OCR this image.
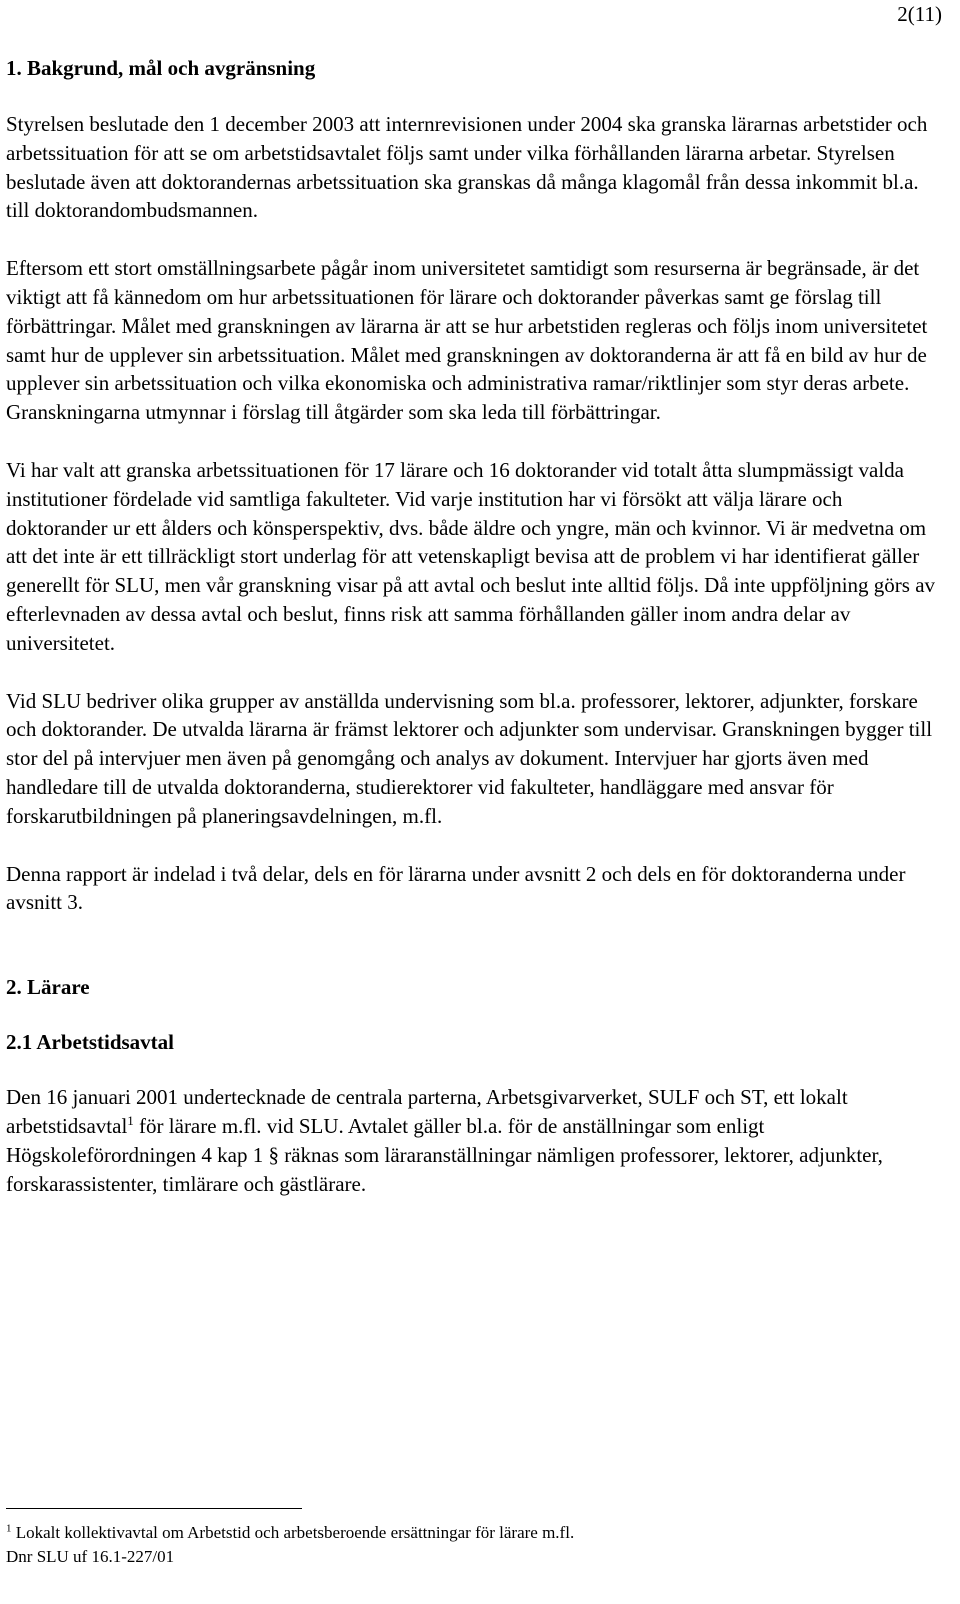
2(11)
1. Bakgrund, mål och avgränsning

Styrelsen beslutade den 1 december 2003 att internrevisionen under 2004 ska granska lärarnas arbetstider och arbetssituation för att se om arbetstidsavtalet följs samt under vilka förhållanden lärarna arbetar. Styrelsen beslutade även att doktorandernas arbetssituation ska granskas då många klagomål från dessa inkommit bl.a. till doktorandombudsmannen.

Eftersom ett stort omställningsarbete pågår inom universitetet samtidigt som resurserna är begränsade, är det viktigt att få kännedom om hur arbetssituationen för lärare och doktorander påverkas samt ge förslag till förbättringar. Målet med granskningen av lärarna är att se hur arbetstiden regleras och följs inom universitetet samt hur de upplever sin arbetssituation. Målet med granskningen av doktoranderna är att få en bild av hur de upplever sin arbetssituation och vilka ekonomiska och administrativa ramar/riktlinjer som styr deras arbete. Granskningarna utmynnar i förslag till åtgärder som ska leda till förbättringar.

Vi har valt att granska arbetssituationen för 17 lärare och 16 doktorander vid totalt åtta slumpmässigt valda institutioner fördelade vid samtliga fakulteter. Vid varje institution har vi försökt att välja lärare och doktorander ur ett ålders och könsperspektiv, dvs. både äldre och yngre, män och kvinnor. Vi är medvetna om att det inte är ett tillräckligt stort underlag för att vetenskapligt bevisa att de problem vi har identifierat gäller generellt för SLU, men vår granskning visar på att avtal och beslut inte alltid följs. Då inte uppföljning görs av efterlevnaden av dessa avtal och beslut, finns risk att samma förhållanden gäller inom andra delar av universitetet.

Vid SLU bedriver olika grupper av anställda undervisning som bl.a. professorer, lektorer, adjunkter, forskare och doktorander. De utvalda lärarna är främst lektorer och adjunkter som undervisar. Granskningen bygger till stor del på intervjuer men även på genomgång och analys av dokument. Intervjuer har gjorts även med handledare till de utvalda doktoranderna, studierektorer vid fakulteter, handläggare med ansvar för forskarutbildningen på planeringsavdelningen, m.fl.

Denna rapport är indelad i två delar, dels en för lärarna under avsnitt 2 och dels en för doktoranderna under avsnitt 3.

2. Lärare
2.1 Arbetstidsavtal

Den 16 januari 2001 undertecknade de centrala parterna, Arbetsgivarverket, SULF och ST, ett lokalt arbetstidsavtal$^1$ för lärare m.fl. vid SLU. Avtalet gäller bl.a. för de anställningar som enligt Högskoleförordningen 4 kap 1 § räknas som läraranställningar nämligen professorer, lektorer, adjunkter, forskarassistenter, timlärare och gästlärare.

$^1$ Lokalt kollektivavtal om Arbetstid och arbetsberoende ersättningar för lärare m.fl.
Dnr SLU uf 16.1-227/01
